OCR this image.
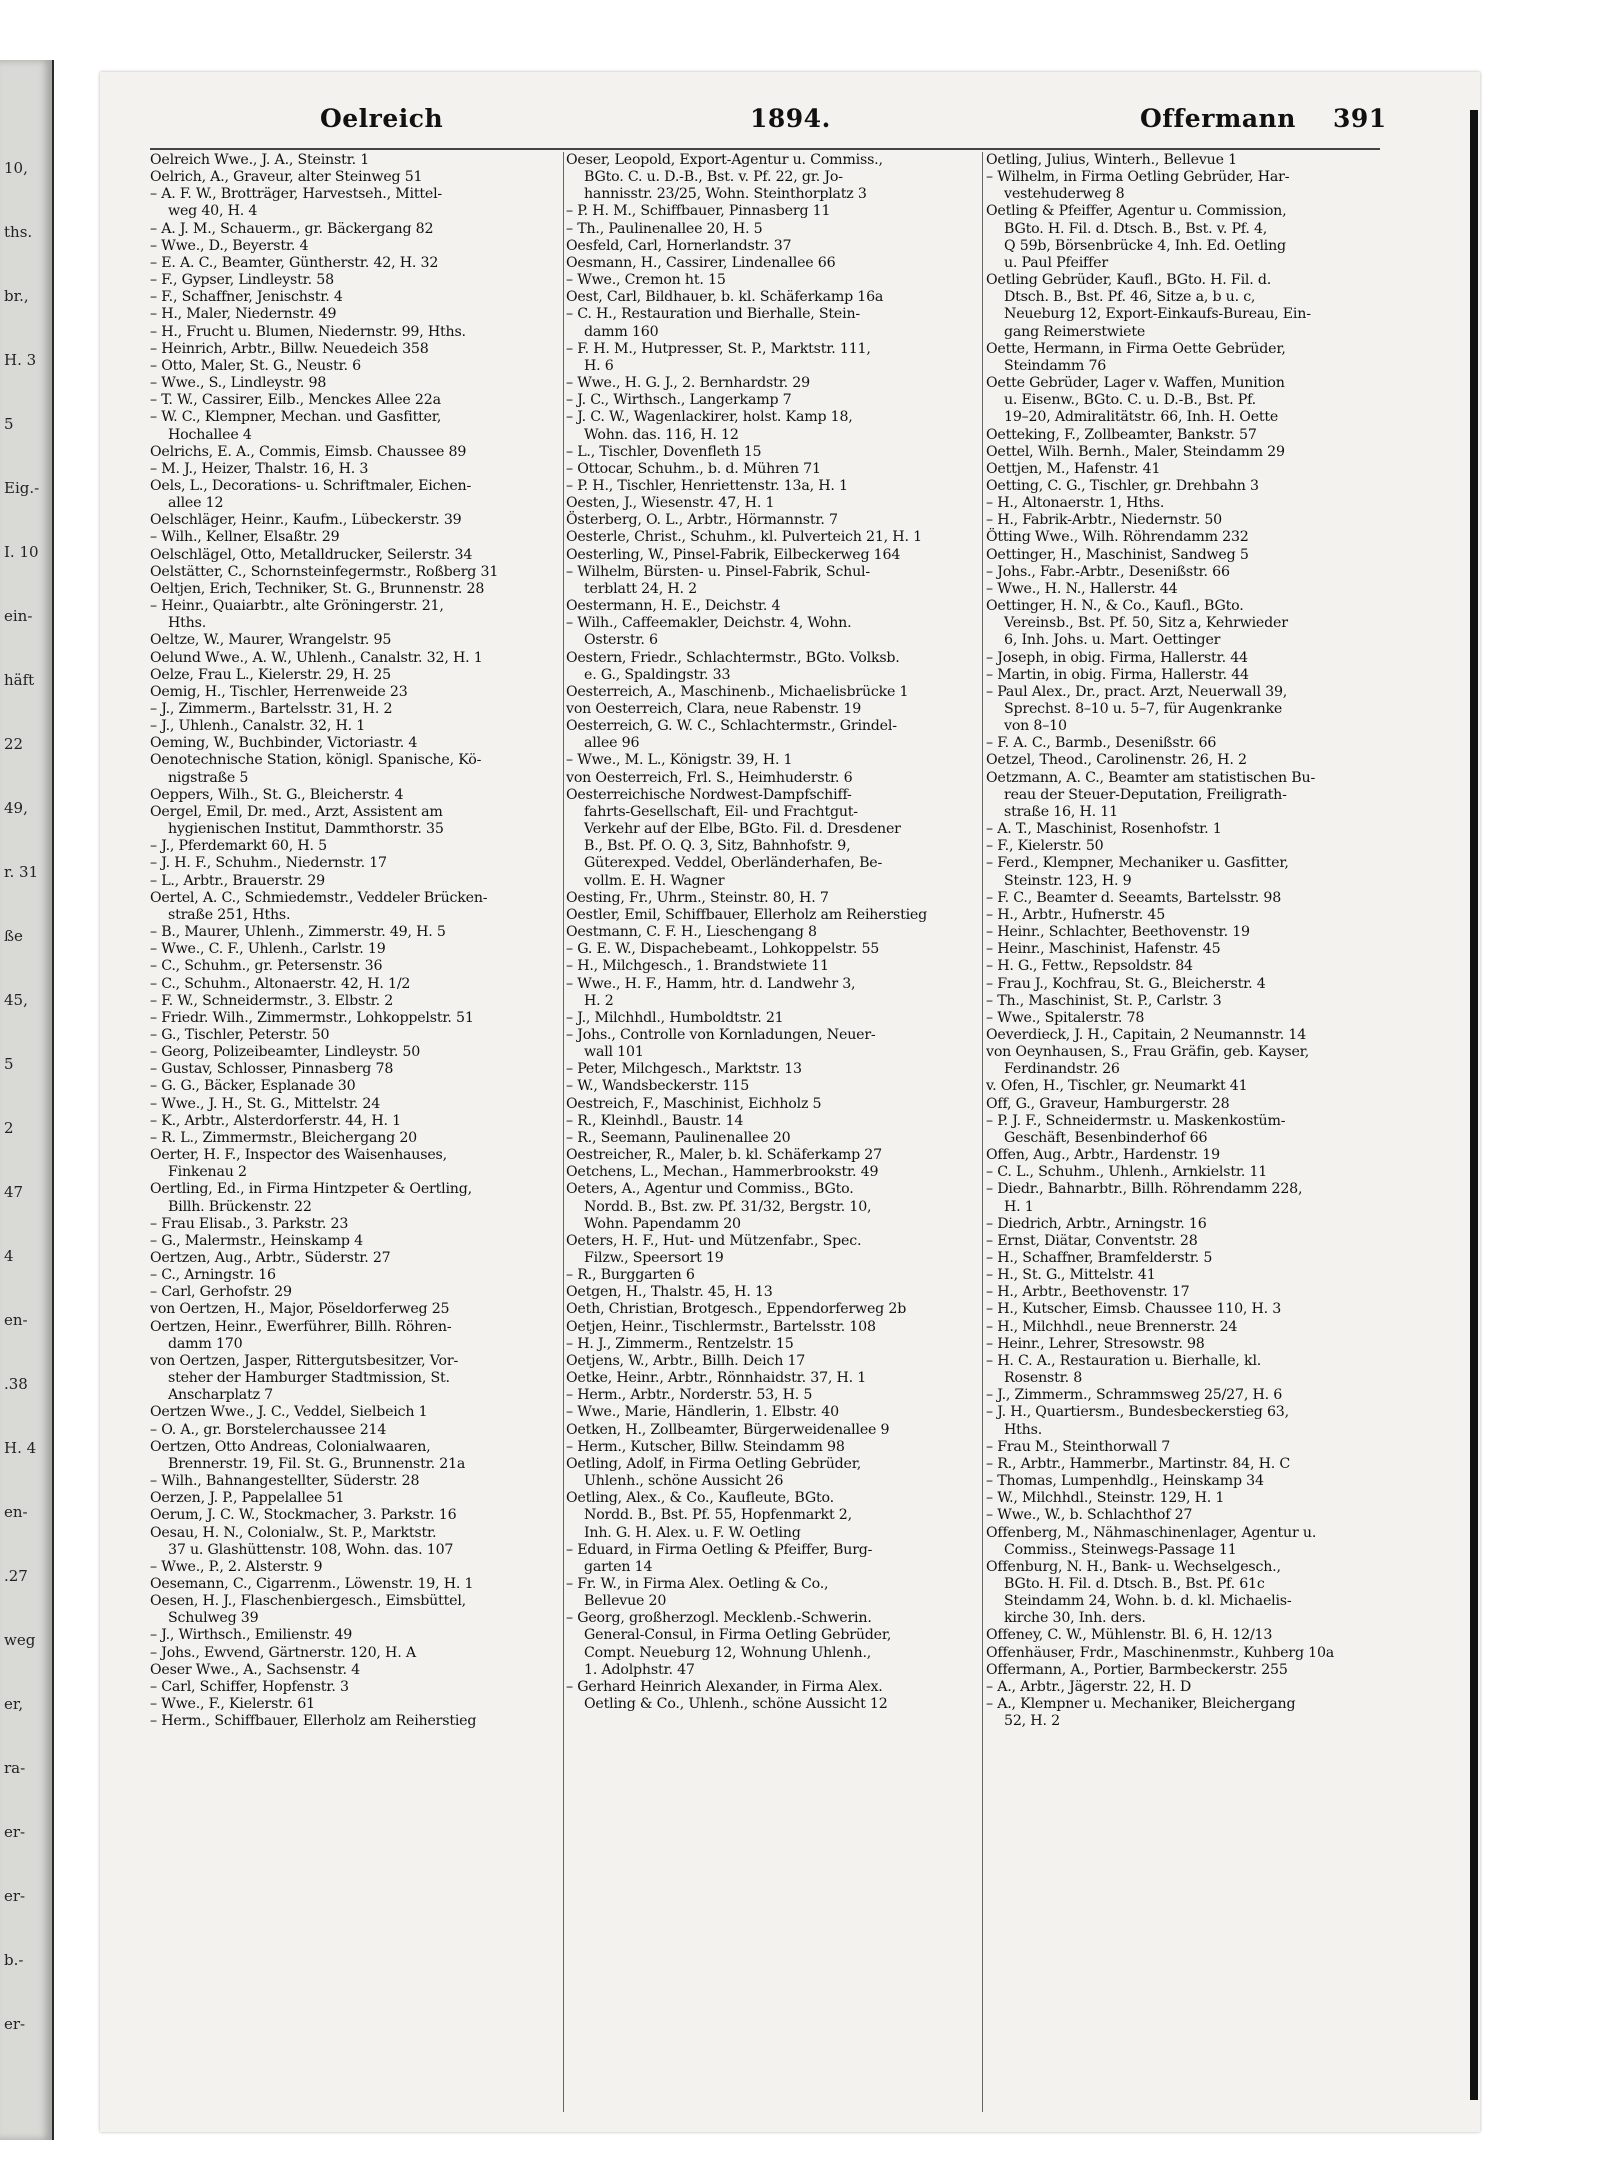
10,
ths.
br.,
H. 3
5
Eig.-
I. 10
ein-
häft
22
49,
r. 31
ße
45,
5
2
47
4
en-
.38
H. 4
en-
.27
weg
er,
ra-
er-
er-
b.-
er-
Oelreich	1894.	Offermann 391
Oelreich Wwe., J. A., Steinstr. 1
Oelrich, A., Graveur, alter Steinweg 51
– A. F. W., Brotträger, Harvestseh., Mittel-
weg 40, H. 4
– A. J. M., Schauerm., gr. Bäckergang 82
– Wwe., D., Beyerstr. 4
– E. A. C., Beamter, Güntherstr. 42, H. 32
– F., Gypser, Lindleystr. 58
– F., Schaffner, Jenischstr. 4
– H., Maler, Niedernstr. 49
– H., Frucht u. Blumen, Niedernstr. 99, Hths.
– Heinrich, Arbtr., Billw. Neuedeich 358
– Otto, Maler, St. G., Neustr. 6
– Wwe., S., Lindleystr. 98
– T. W., Cassirer, Eilb., Menckes Allee 22a
– W. C., Klempner, Mechan. und Gasfitter,
Hochallee 4
Oelrichs, E. A., Commis, Eimsb. Chaussee 89
– M. J., Heizer, Thalstr. 16, H. 3
Oels, L., Decorations- u. Schriftmaler, Eichen-
allee 12
Oelschläger, Heinr., Kaufm., Lübeckerstr. 39
– Wilh., Kellner, Elsaßtr. 29
Oelschlägel, Otto, Metalldrucker, Seilerstr. 34
Oelstätter, C., Schornsteinfegermstr., Roßberg 31
Oeltjen, Erich, Techniker, St. G., Brunnenstr. 28
– Heinr., Quaiarbtr., alte Gröningerstr. 21,
Hths.
Oeltze, W., Maurer, Wrangelstr. 95
Oelund Wwe., A. W., Uhlenh., Canalstr. 32, H. 1
Oelze, Frau L., Kielerstr. 29, H. 25
Oemig, H., Tischler, Herrenweide 23
– J., Zimmerm., Bartelsstr. 31, H. 2
– J., Uhlenh., Canalstr. 32, H. 1
Oeming, W., Buchbinder, Victoriastr. 4
Oenotechnische Station, königl. Spanische, Kö-
nigstraße 5
Oeppers, Wilh., St. G., Bleicherstr. 4
Oergel, Emil, Dr. med., Arzt, Assistent am
hygienischen Institut, Dammthorstr. 35
– J., Pferdemarkt 60, H. 5
– J. H. F., Schuhm., Niedernstr. 17
– L., Arbtr., Brauerstr. 29
Oertel, A. C., Schmiedemstr., Veddeler Brücken-
straße 251, Hths.
– B., Maurer, Uhlenh., Zimmerstr. 49, H. 5
– Wwe., C. F., Uhlenh., Carlstr. 19
– C., Schuhm., gr. Petersenstr. 36
– C., Schuhm., Altonaerstr. 42, H. 1/2
– F. W., Schneidermstr., 3. Elbstr. 2
– Friedr. Wilh., Zimmermstr., Lohkoppelstr. 51
– G., Tischler, Peterstr. 50
– Georg, Polizeibeamter, Lindleystr. 50
– Gustav, Schlosser, Pinnasberg 78
– G. G., Bäcker, Esplanade 30
– Wwe., J. H., St. G., Mittelstr. 24
– K., Arbtr., Alsterdorferstr. 44, H. 1
– R. L., Zimmermstr., Bleichergang 20
Oerter, H. F., Inspector des Waisenhauses,
Finkenau 2
Oertling, Ed., in Firma Hintzpeter & Oertling,
Billh. Brückenstr. 22
– Frau Elisab., 3. Parkstr. 23
– G., Malermstr., Heinskamp 4
Oertzen, Aug., Arbtr., Süderstr. 27
– C., Arningstr. 16
– Carl, Gerhofstr. 29
von Oertzen, H., Major, Pöseldorferweg 25
Oertzen, Heinr., Ewerführer, Billh. Röhren-
damm 170
von Oertzen, Jasper, Rittergutsbesitzer, Vor-
steher der Hamburger Stadtmission, St.
Anscharplatz 7
Oertzen Wwe., J. C., Veddel, Sielbeich 1
– O. A., gr. Borstelerchaussee 214
Oertzen, Otto Andreas, Colonialwaaren,
Brennerstr. 19, Fil. St. G., Brunnenstr. 21a
– Wilh., Bahnangestellter, Süderstr. 28
Oerzen, J. P., Pappelallee 51
Oerum, J. C. W., Stockmacher, 3. Parkstr. 16
Oesau, H. N., Colonialw., St. P., Marktstr.
37 u. Glashüttenstr. 108, Wohn. das. 107
– Wwe., P., 2. Alsterstr. 9
Oesemann, C., Cigarrenm., Löwenstr. 19, H. 1
Oesen, H. J., Flaschenbiergesch., Eimsbüttel,
Schulweg 39
– J., Wirthsch., Emilienstr. 49
– Johs., Ewvend, Gärtnerstr. 120, H. A
Oeser Wwe., A., Sachsenstr. 4
– Carl, Schiffer, Hopfenstr. 3
– Wwe., F., Kielerstr. 61
– Herm., Schiffbauer, Ellerholz am Reiherstieg
Oeser, Leopold, Export-Agentur u. Commiss.,
BGto. C. u. D.-B., Bst. v. Pf. 22, gr. Jo-
hannisstr. 23/25, Wohn. Steinthorplatz 3
– P. H. M., Schiffbauer, Pinnasberg 11
– Th., Paulinenallee 20, H. 5
Oesfeld, Carl, Hornerlandstr. 37
Oesmann, H., Cassirer, Lindenallee 66
– Wwe., Cremon ht. 15
Oest, Carl, Bildhauer, b. kl. Schäferkamp 16a
– C. H., Restauration und Bierhalle, Stein-
damm 160
– F. H. M., Hutpresser, St. P., Marktstr. 111,
H. 6
– Wwe., H. G. J., 2. Bernhardstr. 29
– J. C., Wirthsch., Langerkamp 7
– J. C. W., Wagenlackirer, holst. Kamp 18,
Wohn. das. 116, H. 12
– L., Tischler, Dovenfleth 15
– Ottocar, Schuhm., b. d. Mühren 71
– P. H., Tischler, Henriettenstr. 13a, H. 1
Oesten, J., Wiesenstr. 47, H. 1
Österberg, O. L., Arbtr., Hörmannstr. 7
Oesterle, Christ., Schuhm., kl. Pulverteich 21, H. 1
Oesterling, W., Pinsel-Fabrik, Eilbeckerweg 164
– Wilhelm, Bürsten- u. Pinsel-Fabrik, Schul-
terblatt 24, H. 2
Oestermann, H. E., Deichstr. 4
– Wilh., Caffeemakler, Deichstr. 4, Wohn.
Osterstr. 6
Oestern, Friedr., Schlachtermstr., BGto. Volksb.
e. G., Spaldingstr. 33
Oesterreich, A., Maschinenb., Michaelisbrücke 1
von Oesterreich, Clara, neue Rabenstr. 19
Oesterreich, G. W. C., Schlachtermstr., Grindel-
allee 96
– Wwe., M. L., Königstr. 39, H. 1
von Oesterreich, Frl. S., Heimhuderstr. 6
Oesterreichische Nordwest-Dampfschiff-
fahrts-Gesellschaft, Eil- und Frachtgut-
Verkehr auf der Elbe, BGto. Fil. d. Dresdener
B., Bst. Pf. O. Q. 3, Sitz, Bahnhofstr. 9,
Güterexped. Veddel, Oberländerhafen, Be-
vollm. E. H. Wagner
Oesting, Fr., Uhrm., Steinstr. 80, H. 7
Oestler, Emil, Schiffbauer, Ellerholz am Reiherstieg
Oestmann, C. F. H., Lieschengang 8
– G. E. W., Dispachebeamt., Lohkoppelstr. 55
– H., Milchgesch., 1. Brandstwiete 11
– Wwe., H. F., Hamm, htr. d. Landwehr 3,
H. 2
– J., Milchhdl., Humboldtstr. 21
– Johs., Controlle von Kornladungen, Neuer-
wall 101
– Peter, Milchgesch., Marktstr. 13
– W., Wandsbeckerstr. 115
Oestreich, F., Maschinist, Eichholz 5
– R., Kleinhdl., Baustr. 14
– R., Seemann, Paulinenallee 20
Oestreicher, R., Maler, b. kl. Schäferkamp 27
Oetchens, L., Mechan., Hammerbrookstr. 49
Oeters, A., Agentur und Commiss., BGto.
Nordd. B., Bst. zw. Pf. 31/32, Bergstr. 10,
Wohn. Papendamm 20
Oeters, H. F., Hut- und Mützenfabr., Spec.
Filzw., Speersort 19
– R., Burggarten 6
Oetgen, H., Thalstr. 45, H. 13
Oeth, Christian, Brotgesch., Eppendorferweg 2b
Oetjen, Heinr., Tischlermstr., Bartelsstr. 108
– H. J., Zimmerm., Rentzelstr. 15
Oetjens, W., Arbtr., Billh. Deich 17
Oetke, Heinr., Arbtr., Rönnhaidstr. 37, H. 1
– Herm., Arbtr., Norderstr. 53, H. 5
– Wwe., Marie, Händlerin, 1. Elbstr. 40
Oetken, H., Zollbeamter, Bürgerweidenallee 9
– Herm., Kutscher, Billw. Steindamm 98
Oetling, Adolf, in Firma Oetling Gebrüder,
Uhlenh., schöne Aussicht 26
Oetling, Alex., & Co., Kaufleute, BGto.
Nordd. B., Bst. Pf. 55, Hopfenmarkt 2,
Inh. G. H. Alex. u. F. W. Oetling
– Eduard, in Firma Oetling & Pfeiffer, Burg-
garten 14
– Fr. W., in Firma Alex. Oetling & Co.,
Bellevue 20
– Georg, großherzogl. Mecklenb.-Schwerin.
General-Consul, in Firma Oetling Gebrüder,
Compt. Neueburg 12, Wohnung Uhlenh.,
1. Adolphstr. 47
– Gerhard Heinrich Alexander, in Firma Alex.
Oetling & Co., Uhlenh., schöne Aussicht 12
Oetling, Julius, Winterh., Bellevue 1
– Wilhelm, in Firma Oetling Gebrüder, Har-
vestehuderweg 8
Oetling & Pfeiffer, Agentur u. Commission,
BGto. H. Fil. d. Dtsch. B., Bst. v. Pf. 4,
Q 59b, Börsenbrücke 4, Inh. Ed. Oetling
u. Paul Pfeiffer
Oetling Gebrüder, Kaufl., BGto. H. Fil. d.
Dtsch. B., Bst. Pf. 46, Sitze a, b u. c,
Neueburg 12, Export-Einkaufs-Bureau, Ein-
gang Reimerstwiete
Oette, Hermann, in Firma Oette Gebrüder,
Steindamm 76
Oette Gebrüder, Lager v. Waffen, Munition
u. Eisenw., BGto. C. u. D.-B., Bst. Pf.
19–20, Admiralitätstr. 66, Inh. H. Oette
Oetteking, F., Zollbeamter, Bankstr. 57
Oettel, Wilh. Bernh., Maler, Steindamm 29
Oettjen, M., Hafenstr. 41
Oetting, C. G., Tischler, gr. Drehbahn 3
– H., Altonaerstr. 1, Hths.
– H., Fabrik-Arbtr., Niedernstr. 50
Ötting Wwe., Wilh. Röhrendamm 232
Oettinger, H., Maschinist, Sandweg 5
– Johs., Fabr.-Arbtr., Desenißstr. 66
– Wwe., H. N., Hallerstr. 44
Oettinger, H. N., & Co., Kaufl., BGto.
Vereinsb., Bst. Pf. 50, Sitz a, Kehrwieder
6, Inh. Johs. u. Mart. Oettinger
– Joseph, in obig. Firma, Hallerstr. 44
– Martin, in obig. Firma, Hallerstr. 44
– Paul Alex., Dr., pract. Arzt, Neuerwall 39,
Sprechst. 8–10 u. 5–7, für Augenkranke
von 8–10
– F. A. C., Barmb., Desenißstr. 66
Oetzel, Theod., Carolinenstr. 26, H. 2
Oetzmann, A. C., Beamter am statistischen Bu-
reau der Steuer-Deputation, Freiligrath-
straße 16, H. 11
– A. T., Maschinist, Rosenhofstr. 1
– F., Kielerstr. 50
– Ferd., Klempner, Mechaniker u. Gasfitter,
Steinstr. 123, H. 9
– F. C., Beamter d. Seeamts, Bartelsstr. 98
– H., Arbtr., Hufnerstr. 45
– Heinr., Schlachter, Beethovenstr. 19
– Heinr., Maschinist, Hafenstr. 45
– H. G., Fettw., Repsoldstr. 84
– Frau J., Kochfrau, St. G., Bleicherstr. 4
– Th., Maschinist, St. P., Carlstr. 3
– Wwe., Spitalerstr. 78
Oeverdieck, J. H., Capitain, 2 Neumannstr. 14
von Oeynhausen, S., Frau Gräfin, geb. Kayser,
Ferdinandstr. 26
v. Ofen, H., Tischler, gr. Neumarkt 41
Off, G., Graveur, Hamburgerstr. 28
– P. J. F., Schneidermstr. u. Maskenkostüm-
Geschäft, Besenbinderhof 66
Offen, Aug., Arbtr., Hardenstr. 19
– C. L., Schuhm., Uhlenh., Arnkielstr. 11
– Diedr., Bahnarbtr., Billh. Röhrendamm 228,
H. 1
– Diedrich, Arbtr., Arningstr. 16
– Ernst, Diätar, Conventstr. 28
– H., Schaffner, Bramfelderstr. 5
– H., St. G., Mittelstr. 41
– H., Arbtr., Beethovenstr. 17
– H., Kutscher, Eimsb. Chaussee 110, H. 3
– H., Milchhdl., neue Brennerstr. 24
– Heinr., Lehrer, Stresowstr. 98
– H. C. A., Restauration u. Bierhalle, kl.
Rosenstr. 8
– J., Zimmerm., Schrammsweg 25/27, H. 6
– J. H., Quartiersm., Bundesbeckerstieg 63,
Hths.
– Frau M., Steinthorwall 7
– R., Arbtr., Hammerbr., Martinstr. 84, H. C
– Thomas, Lumpenhdlg., Heinskamp 34
– W., Milchhdl., Steinstr. 129, H. 1
– Wwe., W., b. Schlachthof 27
Offenberg, M., Nähmaschinenlager, Agentur u.
Commiss., Steinwegs-Passage 11
Offenburg, N. H., Bank- u. Wechselgesch.,
BGto. H. Fil. d. Dtsch. B., Bst. Pf. 61c
Steindamm 24, Wohn. b. d. kl. Michaelis-
kirche 30, Inh. ders.
Offeney, C. W., Mühlenstr. Bl. 6, H. 12/13
Offenhäuser, Frdr., Maschinenmstr., Kuhberg 10a
Offermann, A., Portier, Barmbeckerstr. 255
– A., Arbtr., Jägerstr. 22, H. D
– A., Klempner u. Mechaniker, Bleichergang
52, H. 2
